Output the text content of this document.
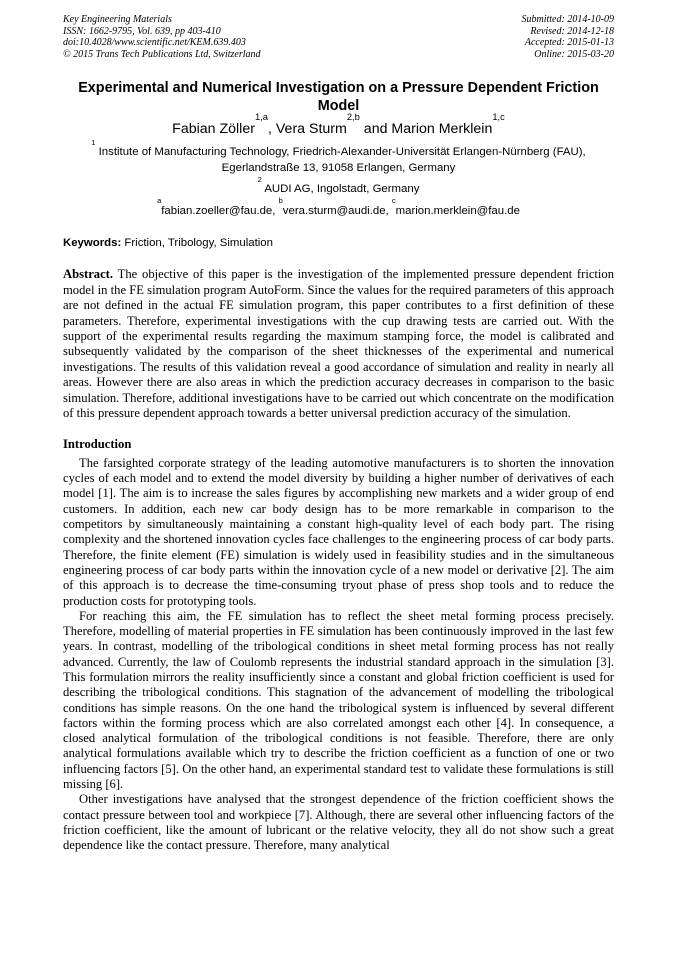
Key Engineering Materials
ISSN: 1662-9795, Vol. 639, pp 403-410
doi:10.4028/www.scientific.net/KEM.639.403
© 2015 Trans Tech Publications Ltd, Switzerland
Submitted: 2014-10-09
Revised: 2014-12-18
Accepted: 2015-01-13
Online: 2015-03-20
Experimental and Numerical Investigation on a Pressure Dependent Friction Model
Fabian Zöller$^{1,a}$, Vera Sturm$^{2,b}$ and Marion Merklein$^{1,c}$
$^1$ Institute of Manufacturing Technology, Friedrich-Alexander-Universität Erlangen-Nürnberg (FAU), Egerlandstraße 13, 91058 Erlangen, Germany
$^2$ AUDI AG, Ingolstadt, Germany
$^a$fabian.zoeller@fau.de, $^b$vera.sturm@audi.de, $^c$marion.merklein@fau.de
Keywords: Friction, Tribology, Simulation
Abstract. The objective of this paper is the investigation of the implemented pressure dependent friction model in the FE simulation program AutoForm. Since the values for the required parameters of this approach are not defined in the actual FE simulation program, this paper contributes to a first definition of these parameters. Therefore, experimental investigations with the cup drawing tests are carried out. With the support of the experimental results regarding the maximum stamping force, the model is calibrated and subsequently validated by the comparison of the sheet thicknesses of the experimental and numerical investigations. The results of this validation reveal a good accordance of simulation and reality in nearly all areas. However there are also areas in which the prediction accuracy decreases in comparison to the basic simulation. Therefore, additional investigations have to be carried out which concentrate on the modification of this pressure dependent approach towards a better universal prediction accuracy of the simulation.
Introduction
The farsighted corporate strategy of the leading automotive manufacturers is to shorten the innovation cycles of each model and to extend the model diversity by building a higher number of derivatives of each model [1]. The aim is to increase the sales figures by accomplishing new markets and a wider group of end customers. In addition, each new car body design has to be more remarkable in comparison to the competitors by simultaneously maintaining a constant high-quality level of each body part. The rising complexity and the shortened innovation cycles face challenges to the engineering process of car body parts. Therefore, the finite element (FE) simulation is widely used in feasibility studies and in the simultaneous engineering process of car body parts within the innovation cycle of a new model or derivative [2]. The aim of this approach is to decrease the time-consuming tryout phase of press shop tools and to reduce the production costs for prototyping tools.
For reaching this aim, the FE simulation has to reflect the sheet metal forming process precisely. Therefore, modelling of material properties in FE simulation has been continuously improved in the last few years. In contrast, modelling of the tribological conditions in sheet metal forming process has not really advanced. Currently, the law of Coulomb represents the industrial standard approach in the simulation [3]. This formulation mirrors the reality insufficiently since a constant and global friction coefficient is used for describing the tribological conditions. This stagnation of the advancement of modelling the tribological conditions has simple reasons. On the one hand the tribological system is influenced by several different factors within the forming process which are also correlated amongst each other [4]. In consequence, a closed analytical formulation of the tribological conditions is not feasible. Therefore, there are only analytical formulations available which try to describe the friction coefficient as a function of one or two influencing factors [5]. On the other hand, an experimental standard test to validate these formulations is still missing [6].
Other investigations have analysed that the strongest dependence of the friction coefficient shows the contact pressure between tool and workpiece [7]. Although, there are several other influencing factors of the friction coefficient, like the amount of lubricant or the relative velocity, they all do not show such a great dependence like the contact pressure. Therefore, many analytical
